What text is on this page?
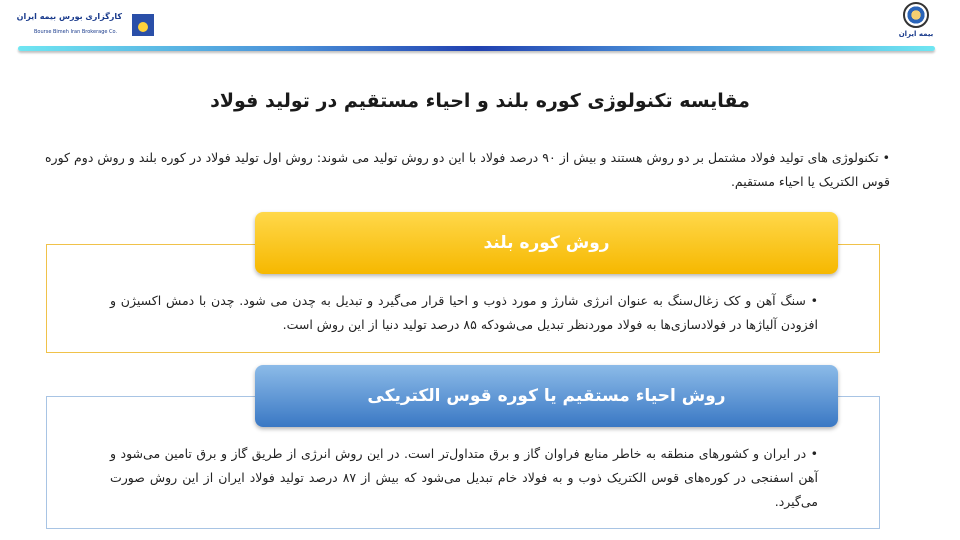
کارگزاری بورس بیمه ایران
Bourse Bimeh Iran Brokerage Co.	بیمه ایران
مقایسه تکنولوژی کوره بلند و احیاء مستقیم در تولید فولاد
• تکنولوژی های تولید فولاد مشتمل بر دو روش هستند و بیش از ۹۰ درصد فولاد با این دو روش تولید می شوند: روش اول تولید فولاد در کوره بلند و روش دوم کوره قوس الکتریک یا احیاء مستقیم.
روش کوره بلند
• سنگ آهن و کک زغال‌سنگ به عنوان انرژی شارژ و مورد ذوب و احیا قرار می‌گیرد و تبدیل به چدن می شود. چدن با دمش اکسیژن و افزودن آلیاژها در فولادسازی‌ها به فولاد موردنظر تبدیل می‌شودکه ۸۵ درصد تولید دنیا از این روش است.
روش احیاء مستقیم یا کوره قوس الکتریکی
• در ایران و کشورهای منطقه به خاطر منابع فراوان گاز و برق متداول‌تر است. در این روش انرژی از طریق گاز و برق تامین می‌شود و آهن اسفنجی در کوره‌های قوس الکتریک ذوب و به فولاد خام تبدیل می‌شود که بیش از ۸۷ درصد تولید فولاد ایران از این روش صورت می‌گیرد.
